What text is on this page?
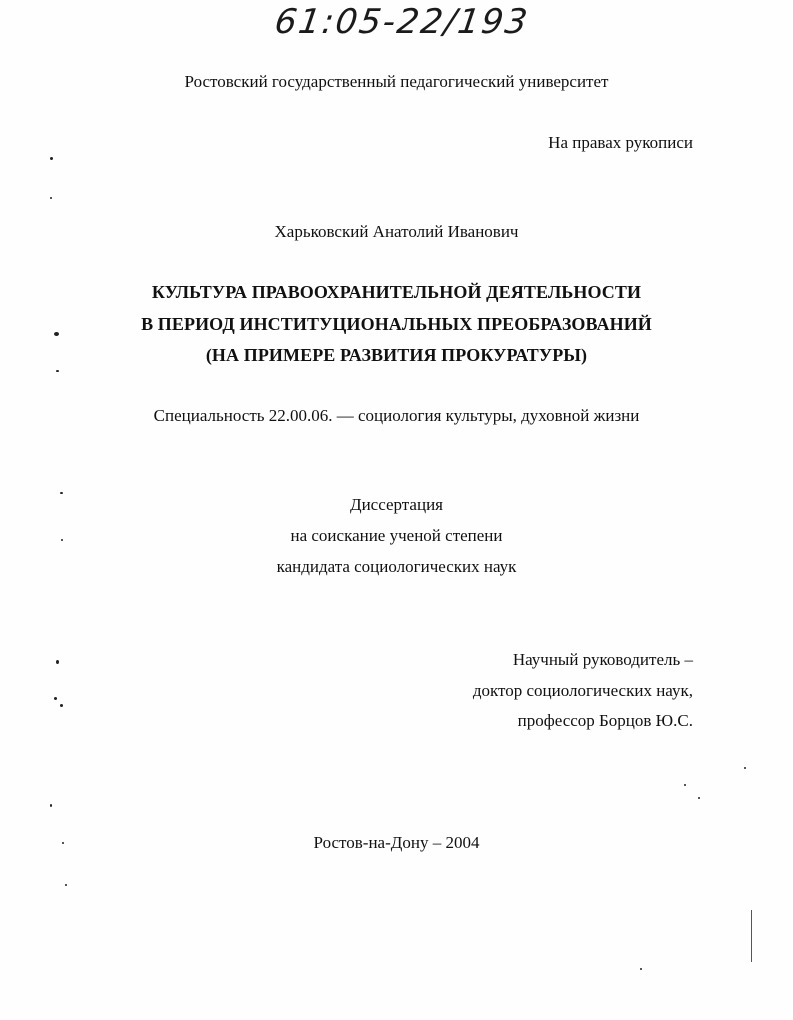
61:05-22/193
Ростовский государственный педагогический университет
На правах рукописи
Харьковский Анатолий Иванович
КУЛЬТУРА ПРАВООХРАНИТЕЛЬНОЙ ДЕЯТЕЛЬНОСТИ
В ПЕРИОД ИНСТИТУЦИОНАЛЬНЫХ ПРЕОБРАЗОВАНИЙ
(НА ПРИМЕРЕ РАЗВИТИЯ ПРОКУРАТУРЫ)
Специальность 22.00.06. — социология культуры, духовной жизни
Диссертация
на соискание ученой степени
кандидата социологических наук
Научный руководитель –
доктор социологических наук,
профессор Борцов Ю.С.
Ростов-на-Дону – 2004
